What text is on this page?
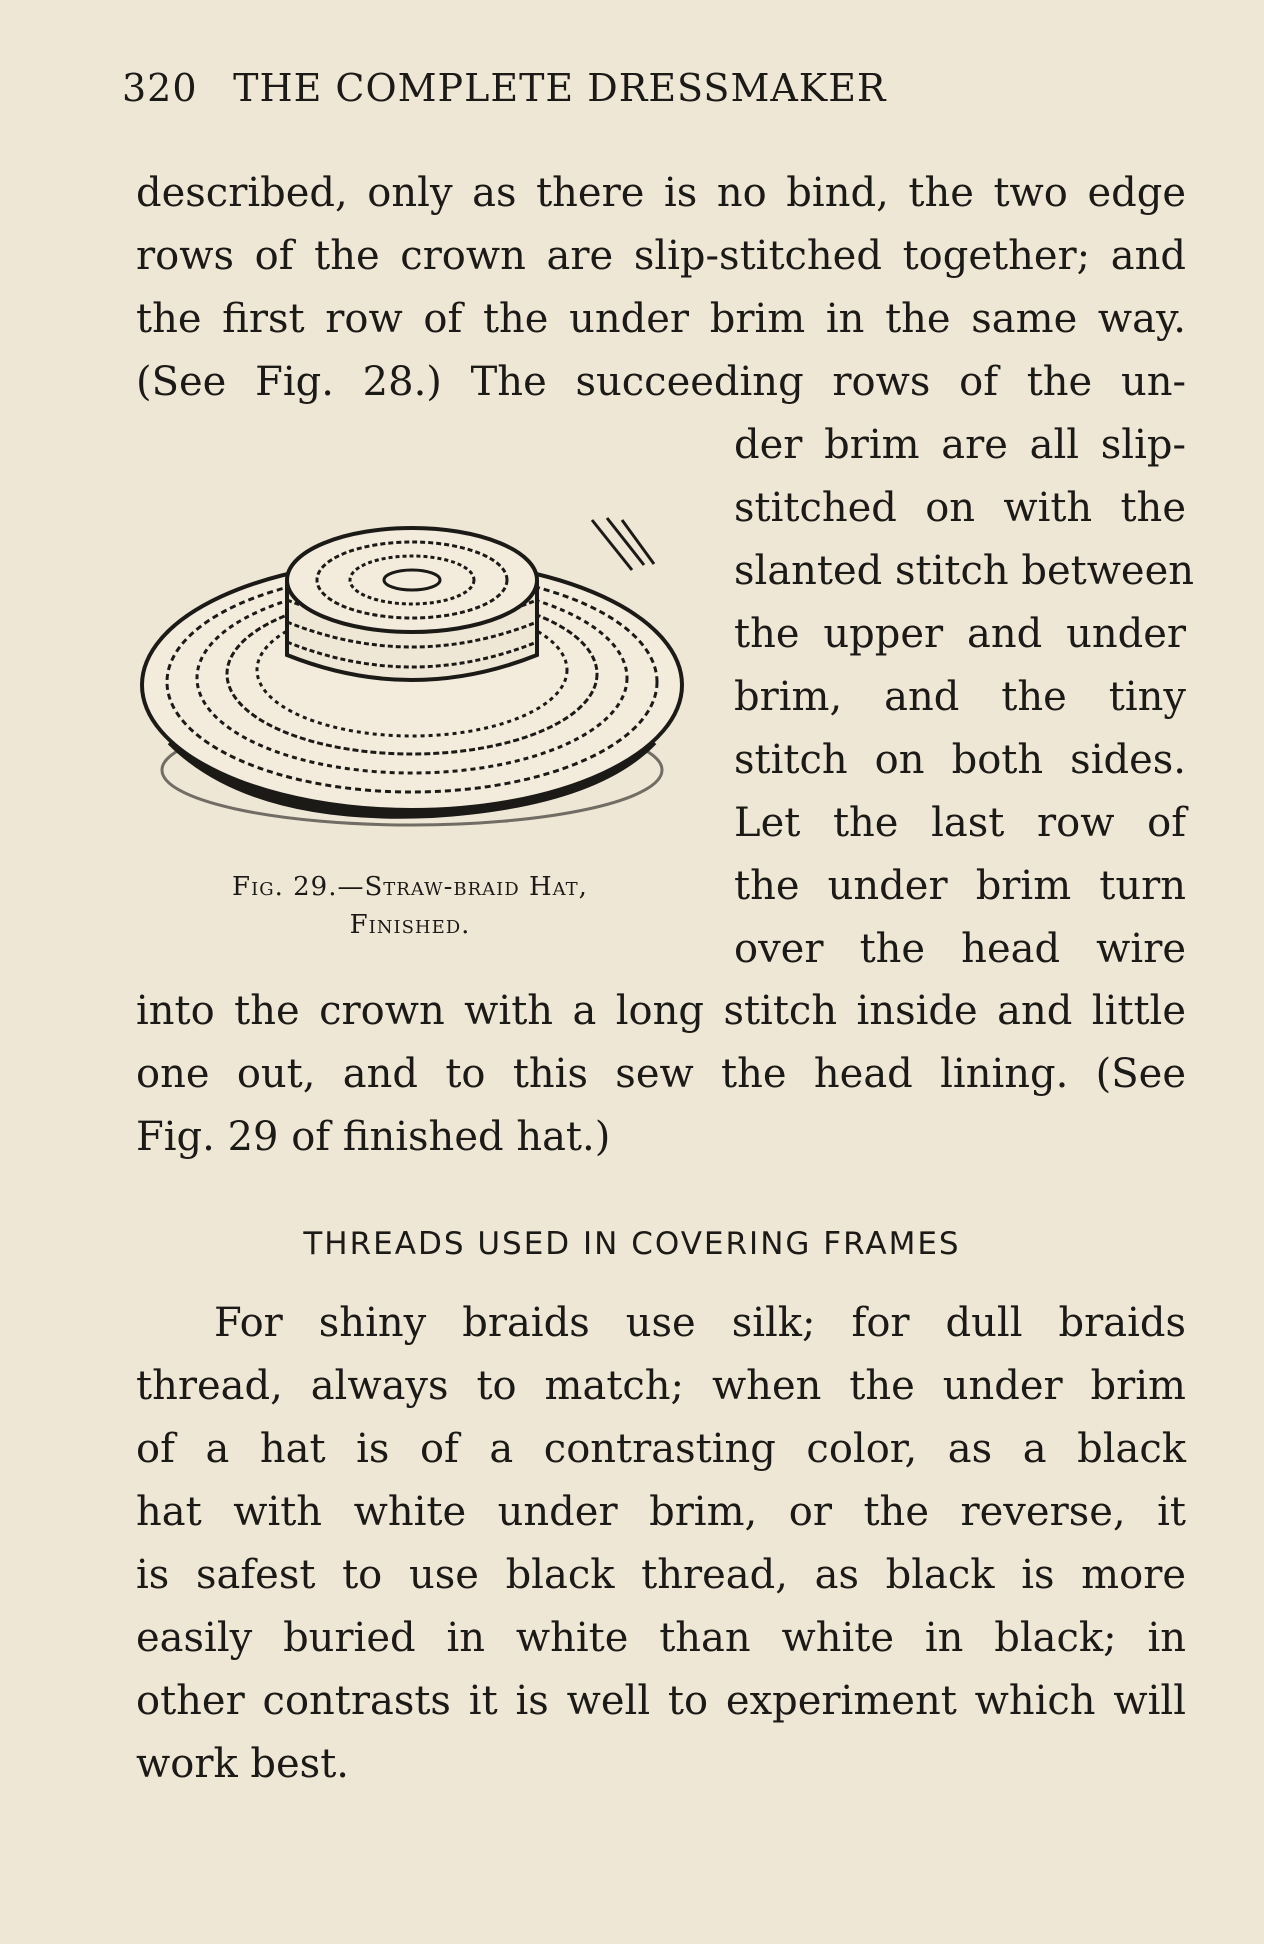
320 THE COMPLETE DRESSMAKER
described, only as there is no bind, the two edge
rows of the crown are slip-stitched together; and
the first row of the under brim in the same way.
(See Fig. 28.) The succeeding rows of the un-
der brim are all slip-
stitched on with the
slanted stitch between
the upper and under
brim, and the tiny
stitch on both sides.
Let the last row of
the under brim turn
over the head wire
Fig. 29.—Straw-braid Hat,
Finished.
into the crown with a long stitch inside and little
one out, and to this sew the head lining. (See
Fig. 29 of finished hat.)
THREADS USED IN COVERING FRAMES
For shiny braids use silk; for dull braids
thread, always to match; when the under brim
of a hat is of a contrasting color, as a black
hat with white under brim, or the reverse, it
is safest to use black thread, as black is more
easily buried in white than white in black; in
other contrasts it is well to experiment which will
work best.
